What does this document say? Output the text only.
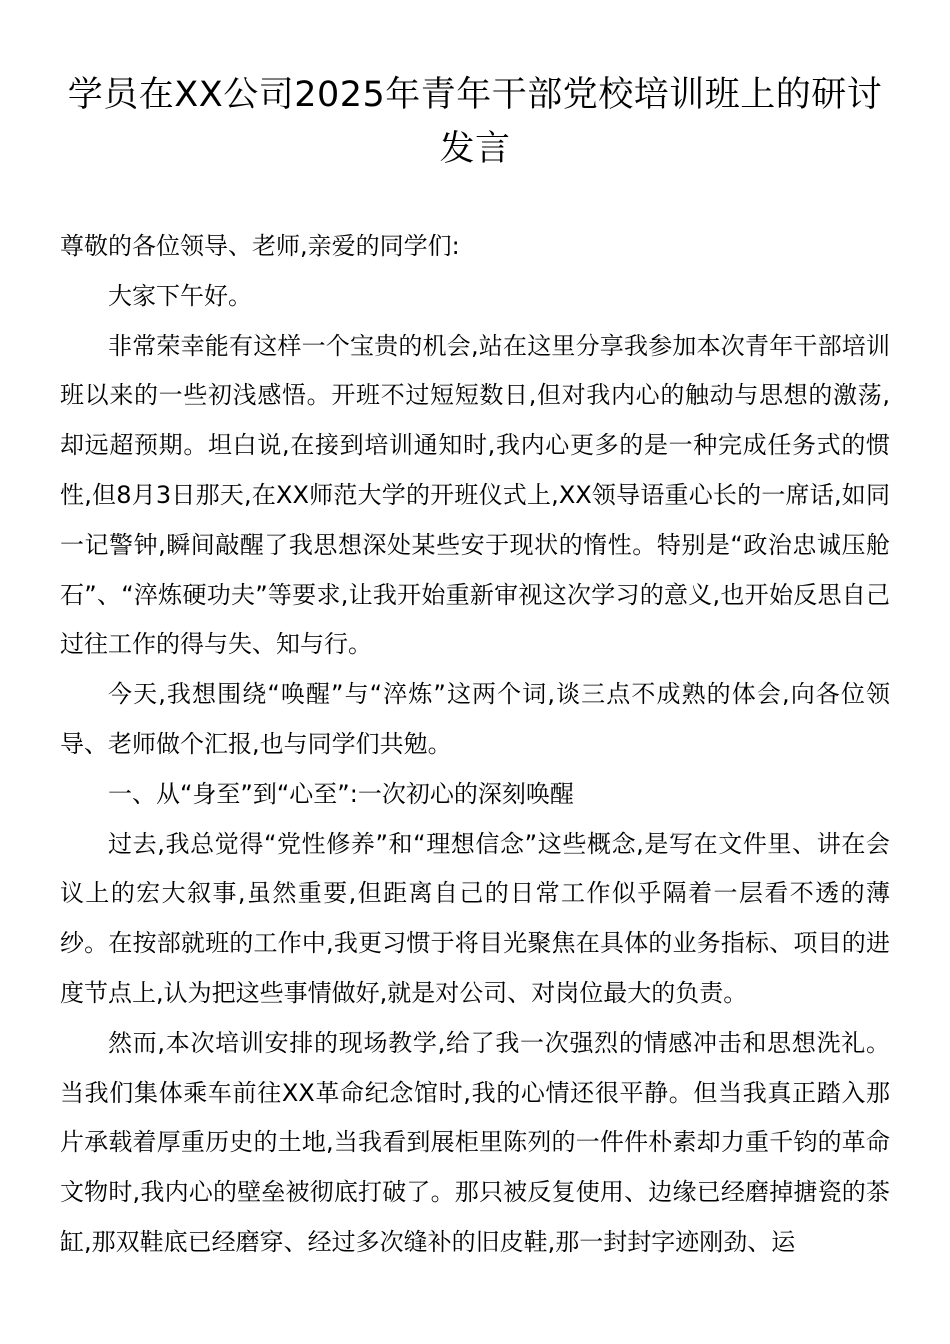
学员在XX公司2025年青年干部党校培训班上的研讨发言

尊敬的各位领导、老师,亲爱的同学们:

大家下午好。

非常荣幸能有这样一个宝贵的机会,站在这里分享我参加本次青年干部培训班以来的一些初浅感悟。开班不过短短数日,但对我内心的触动与思想的激荡,却远超预期。坦白说,在接到培训通知时,我内心更多的是一种完成任务式的惯性,但8月3日那天,在XX师范大学的开班仪式上,XX领导语重心长的一席话,如同一记警钟,瞬间敲醒了我思想深处某些安于现状的惰性。特别是“政治忠诚压舱石”、“淬炼硬功夫”等要求,让我开始重新审视这次学习的意义,也开始反思自己过往工作的得与失、知与行。

今天,我想围绕“唤醒”与“淬炼”这两个词,谈三点不成熟的体会,向各位领导、老师做个汇报,也与同学们共勉。

一、从“身至”到“心至”:一次初心的深刻唤醒

过去,我总觉得“党性修养”和“理想信念”这些概念,是写在文件里、讲在会议上的宏大叙事,虽然重要,但距离自己的日常工作似乎隔着一层看不透的薄纱。在按部就班的工作中,我更习惯于将目光聚焦在具体的业务指标、项目的进度节点上,认为把这些事情做好,就是对公司、对岗位最大的负责。

然而,本次培训安排的现场教学,给了我一次强烈的情感冲击和思想洗礼。当我们集体乘车前往XX革命纪念馆时,我的心情还很平静。但当我真正踏入那片承载着厚重历史的土地,当我看到展柜里陈列的一件件朴素却力重千钧的革命文物时,我内心的壁垒被彻底打破了。那只被反复使用、边缘已经磨掉搪瓷的茶缸,那双鞋底已经磨穿、经过多次缝补的旧皮鞋,那一封封字迹刚劲、运
